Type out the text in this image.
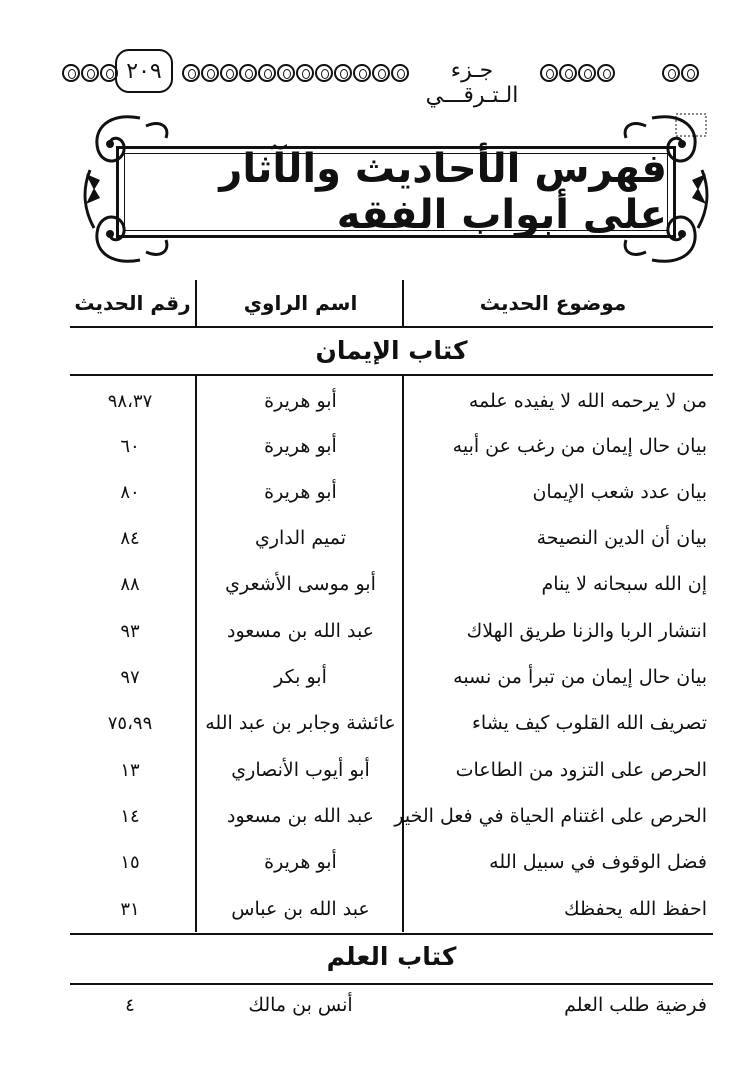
٢٠٩	جـزء الـتـرقـــي
فهرس الأحاديث والآثار على أبواب الفقه
موضوع الحديث
اسم الراوي
رقم الحديث
كتاب الإيمان
من لا يرحمه الله لا يفيده علمه
أبو هريرة
٩٨،٣٧
بيان حال إيمان من رغب عن أبيه
أبو هريرة
٦٠
بيان عدد شعب الإيمان
أبو هريرة
٨٠
بيان أن الدين النصيحة
تميم الداري
٨٤
إن الله سبحانه لا ينام
أبو موسى الأشعري
٨٨
انتشار الربا والزنا طريق الهلاك
عبد الله بن مسعود
٩٣
بيان حال إيمان من تبرأ من نسبه
أبو بكر
٩٧
تصريف الله القلوب كيف يشاء
عائشة وجابر بن عبد الله
٧٥،٩٩
الحرص على التزود من الطاعات
أبو أيوب الأنصاري
١٣
الحرص على اغتنام الحياة في فعل الخير
عبد الله بن مسعود
١٤
فضل الوقوف في سبيل الله
أبو هريرة
١٥
احفظ الله يحفظك
عبد الله بن عباس
٣١
كتاب العلم
فرضية طلب العلم
أنس بن مالك
٤
